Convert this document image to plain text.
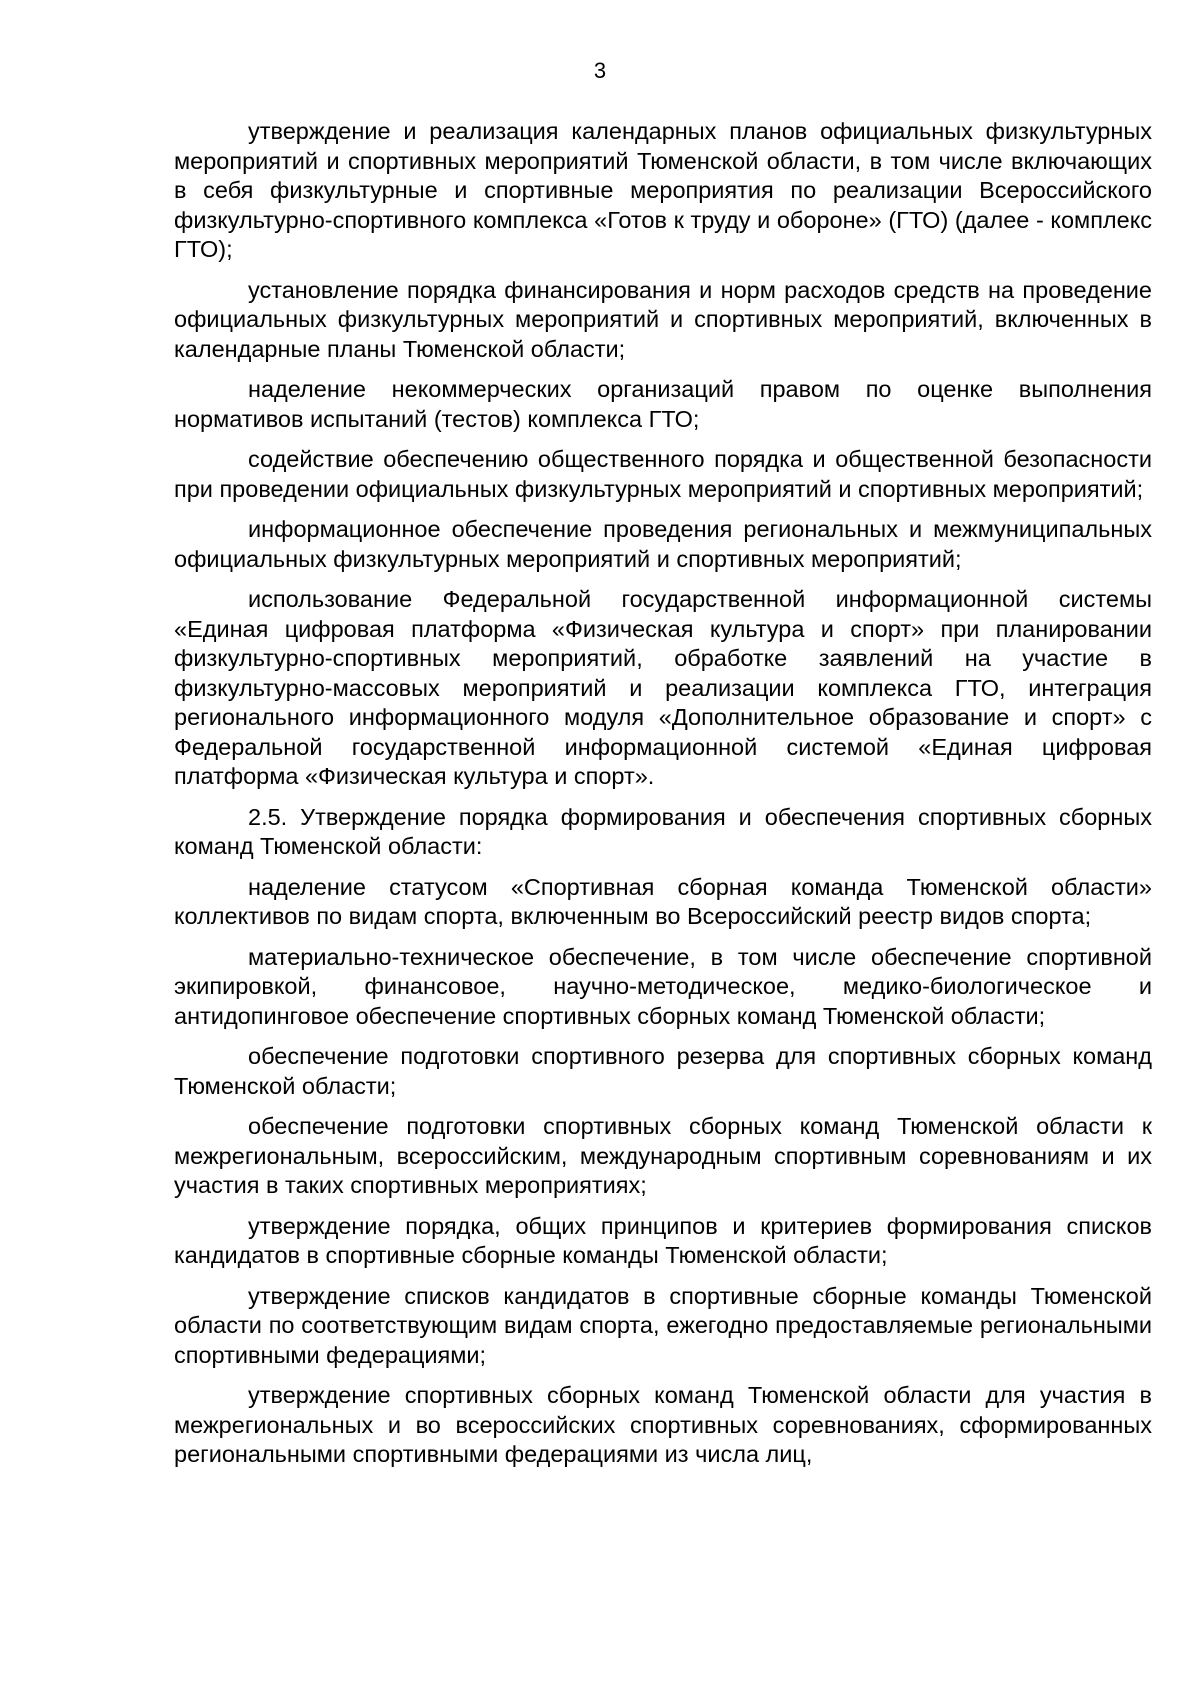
3

утверждение и реализация календарных планов официальных физкультурных мероприятий и спортивных мероприятий Тюменской области, в том числе включающих в себя физкультурные и спортивные мероприятия по реализации Всероссийского физкультурно-спортивного комплекса «Готов к труду и обороне» (ГТО) (далее - комплекс ГТО);

установление порядка финансирования и норм расходов средств на проведение официальных физкультурных мероприятий и спортивных мероприятий, включенных в календарные планы Тюменской области;

наделение некоммерческих организаций правом по оценке выполнения нормативов испытаний (тестов) комплекса ГТО;

содействие обеспечению общественного порядка и общественной безопасности при проведении официальных физкультурных мероприятий и спортивных мероприятий;

информационное обеспечение проведения региональных и межмуниципальных официальных физкультурных мероприятий и спортивных мероприятий;

использование Федеральной государственной информационной системы «Единая цифровая платформа «Физическая культура и спорт» при планировании физкультурно-спортивных мероприятий, обработке заявлений на участие в физкультурно-массовых мероприятий и реализации комплекса ГТО, интеграция регионального информационного модуля «Дополнительное образование и спорт» с Федеральной государственной информационной системой «Единая цифровая платформа «Физическая культура и спорт».

2.5. Утверждение порядка формирования и обеспечения спортивных сборных команд Тюменской области:

наделение статусом «Спортивная сборная команда Тюменской области» коллективов по видам спорта, включенным во Всероссийский реестр видов спорта;

материально-техническое обеспечение, в том числе обеспечение спортивной экипировкой, финансовое, научно-методическое, медико-биологическое и антидопинговое обеспечение спортивных сборных команд Тюменской области;

обеспечение подготовки спортивного резерва для спортивных сборных команд Тюменской области;

обеспечение подготовки спортивных сборных команд Тюменской области к межрегиональным, всероссийским, международным спортивным соревнованиям и их участия в таких спортивных мероприятиях;

утверждение порядка, общих принципов и критериев формирования списков кандидатов в спортивные сборные команды Тюменской области;

утверждение списков кандидатов в спортивные сборные команды Тюменской области по соответствующим видам спорта, ежегодно предоставляемые региональными спортивными федерациями;

утверждение спортивных сборных команд Тюменской области для участия в межрегиональных и во всероссийских спортивных соревнованиях, сформированных региональными спортивными федерациями из числа лиц,
